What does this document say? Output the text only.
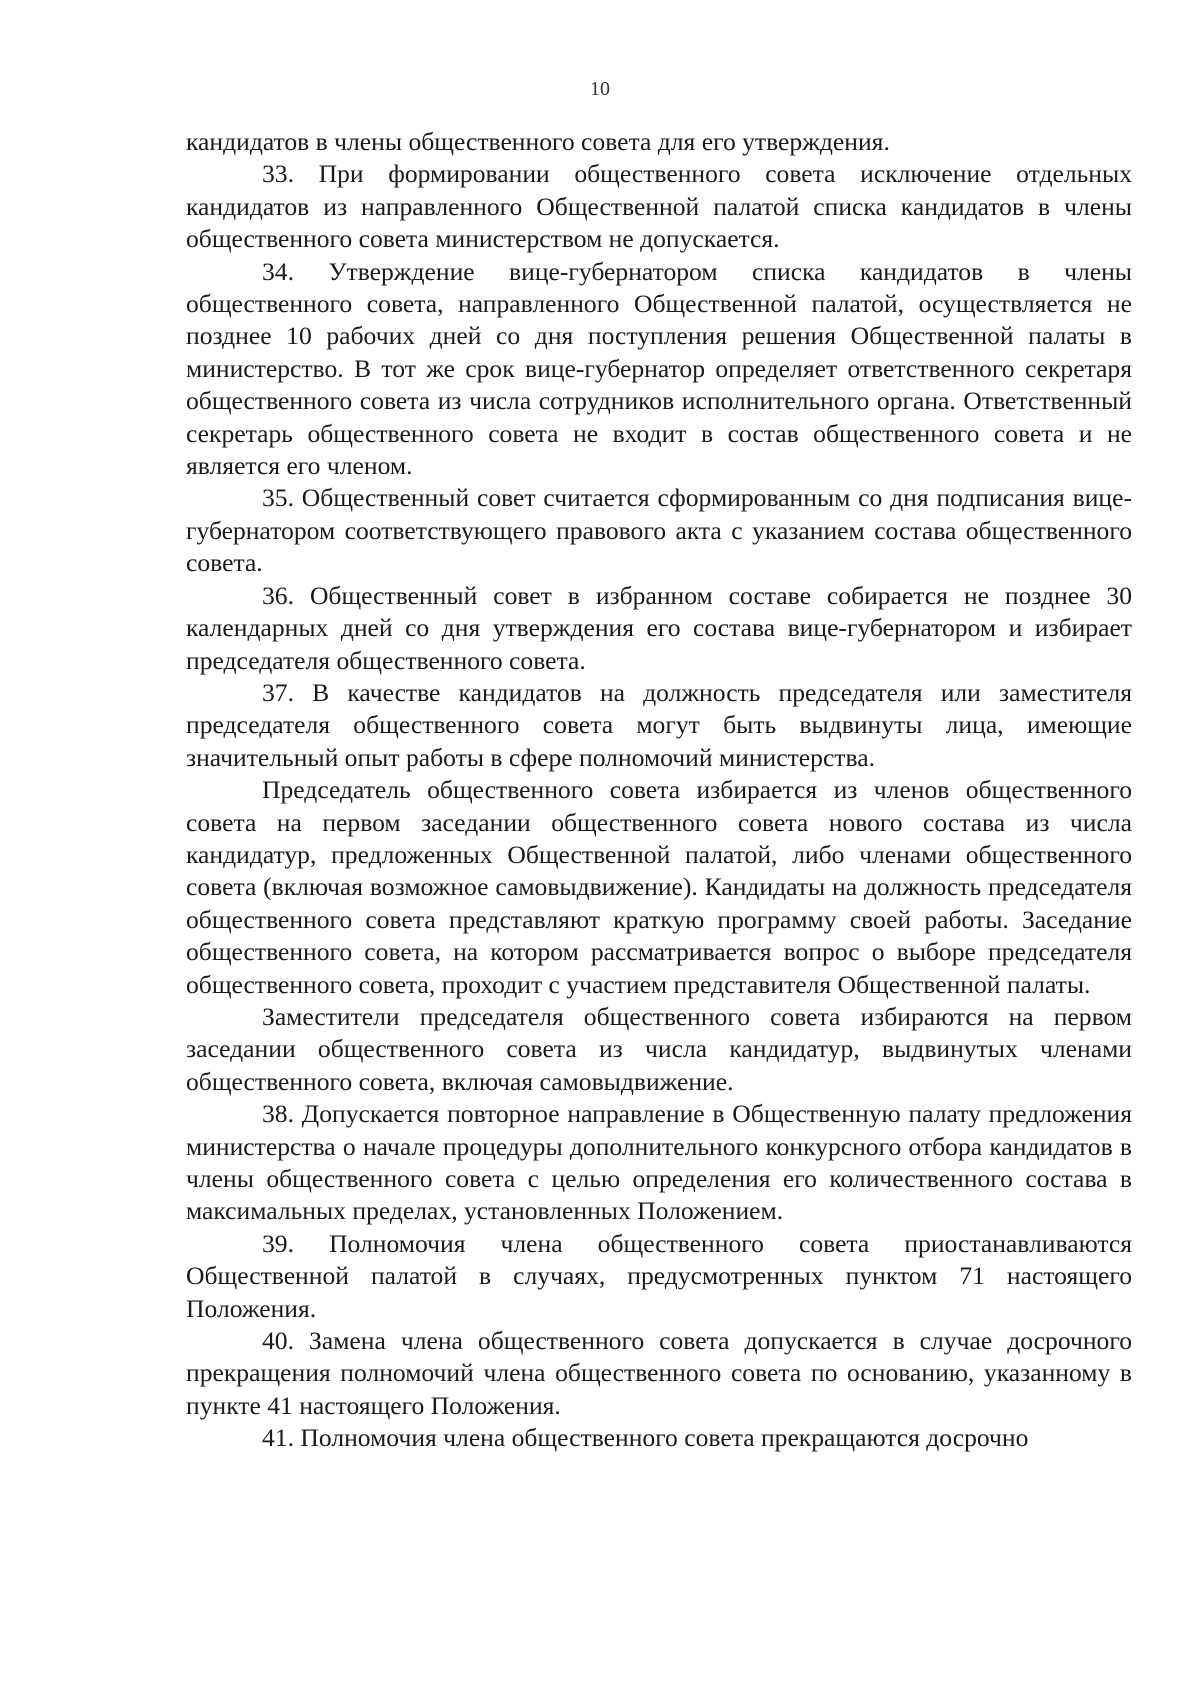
10

кандидатов в члены общественного совета для его утверждения.

33. При формировании общественного совета исключение отдельных кандидатов из направленного Общественной палатой списка кандидатов в члены общественного совета министерством не допускается.

34. Утверждение вице-губернатором списка кандидатов в члены общественного совета, направленного Общественной палатой, осуществляется не позднее 10 рабочих дней со дня поступления решения Общественной палаты в министерство. В тот же срок вице-губернатор определяет ответственного секретаря общественного совета из числа сотрудников исполнительного органа. Ответственный секретарь общественного совета не входит в состав общественного совета и не является его членом.

35. Общественный совет считается сформированным со дня подписания вице-губернатором соответствующего правового акта с указанием состава общественного совета.

36. Общественный совет в избранном составе собирается не позднее 30 календарных дней со дня утверждения его состава вице-губернатором и избирает председателя общественного совета.

37. В качестве кандидатов на должность председателя или заместителя председателя общественного совета могут быть выдвинуты лица, имеющие значительный опыт работы в сфере полномочий министерства.

Председатель общественного совета избирается из членов общественного совета на первом заседании общественного совета нового состава из числа кандидатур, предложенных Общественной палатой, либо членами общественного совета (включая возможное самовыдвижение). Кандидаты на должность председателя общественного совета представляют краткую программу своей работы. Заседание общественного совета, на котором рассматривается вопрос о выборе председателя общественного совета, проходит с участием представителя Общественной палаты.

Заместители председателя общественного совета избираются на первом заседании общественного совета из числа кандидатур, выдвинутых членами общественного совета, включая самовыдвижение.

38. Допускается повторное направление в Общественную палату предложения министерства о начале процедуры дополнительного конкурсного отбора кандидатов в члены общественного совета с целью определения его количественного состава в максимальных пределах, установленных Положением.

39. Полномочия члена общественного совета приостанавливаются Общественной палатой в случаях, предусмотренных пунктом 71 настоящего Положения.

40. Замена члена общественного совета допускается в случае досрочного прекращения полномочий члена общественного совета по основанию, указанному в пункте 41 настоящего Положения.

41. Полномочия члена общественного совета прекращаются досрочно
